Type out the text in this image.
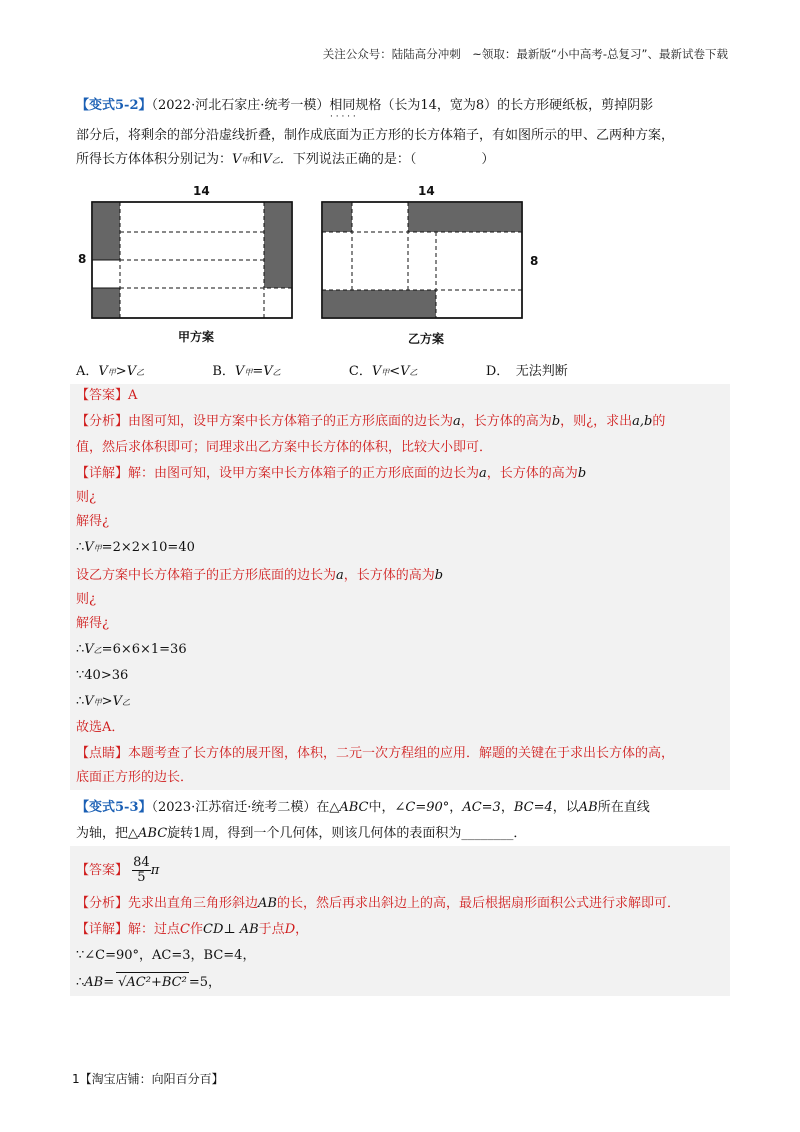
关注公众号：陆陆高分冲刺　~领取：最新版“小中高考-总复习”、最新试卷下载
【变式5-2】（2022·河北石家庄·统考一模）相同规格（长为14，宽为8）的长方形硬纸板，剪掉阴影
· · · · ·
部分后，将剩余的部分沿虚线折叠，制作成底面为正方形的长方体箱子，有如图所示的甲、乙两种方案，
所得长方体体积分别记为：V甲和V乙．下列说法正确的是：（　　　　　）
14
8
甲方案
14
8
乙方案
A．V甲>V乙	B．V甲=V乙	C．V甲<V乙	D．　无法判断
【答案】A
【分析】由图可知，设甲方案中长方体箱子的正方形底面的边长为a，长方体的高为b，则¿，求出a,b的
值，然后求体积即可；同理求出乙方案中长方体的体积，比较大小即可．
【详解】解：由图可知，设甲方案中长方体箱子的正方形底面的边长为a，长方体的高为b
则¿
解得¿
∴V甲=2×2×10=40
设乙方案中长方体箱子的正方形底面的边长为a，长方体的高为b
则¿
解得¿
∴V乙=6×6×1=36
∵40>36
∴V甲>V乙
故选A．
【点睛】本题考查了长方体的展开图，体积，二元一次方程组的应用．解题的关键在于求出长方体的高，
底面正方形的边长．
【变式5-3】（2023·江苏宿迁·统考二模）在△ABC中，∠C=90°，AC=3，BC=4，以AB所在直线
为轴，把△ABC旋转1周，得到一个几何体，则该几何体的表面积为________．
【答案】 $\frac{84}{5}$ π
【分析】先求出直角三角形斜边AB的长，然后再求出斜边上的高，最后根据扇形面积公式进行求解即可．
【详解】解：过点C作CD⊥ AB于点D，
∵∠C=90°，AC=3，BC=4，
∴AB= √AC²+BC² =5，
1【淘宝店铺：向阳百分百】
